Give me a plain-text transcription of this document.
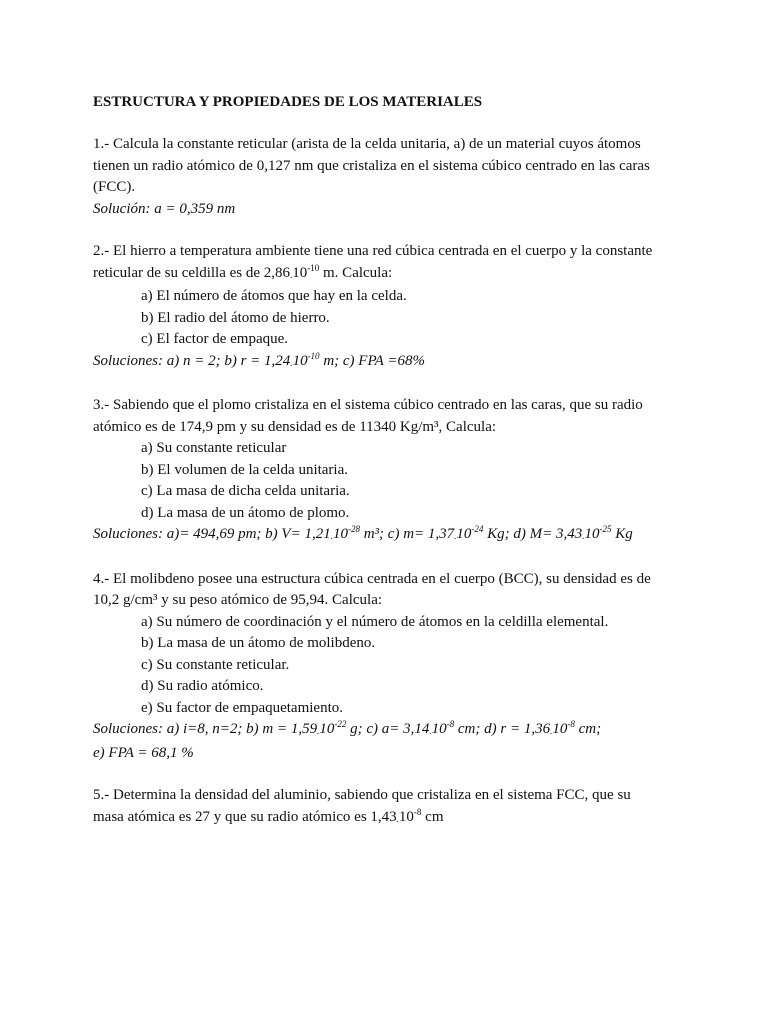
ESTRUCTURA Y PROPIEDADES DE LOS MATERIALES
1.- Calcula la constante reticular (arista de la celda unitaria, a) de un material cuyos átomos
tienen un radio atómico de 0,127 nm que cristaliza en el sistema cúbico centrado en las caras
(FCC).
Solución: a = 0,359 nm
2.- El hierro a temperatura ambiente tiene una red cúbica centrada en el cuerpo y la constante
reticular de su celdilla es de $2,86.10^{-10}$ m. Calcula:
a) El número de átomos que hay en la celda.
b) El radio del átomo de hierro.
c) El factor de empaque.
Soluciones: a) n = 2; b) $r = 1,24.10^{-10}$ m; c) FPA =68%
3.- Sabiendo que el plomo cristaliza en el sistema cúbico centrado en las caras, que su radio
atómico es de 174,9 pm y su densidad es de 11340 Kg/m³, Calcula:
a) Su constante reticular
b) El volumen de la celda unitaria.
c) La masa de dicha celda unitaria.
d) La masa de un átomo de plomo.
Soluciones: a)= 494,69 pm; b) $V= 1,21.10^{-28}$ m³; c) $m= 1,37.10^{-24}$ Kg; d) $M= 3,43.10^{-25}$ Kg
4.- El molibdeno posee una estructura cúbica centrada en el cuerpo (BCC), su densidad es de
10,2 g/cm³ y su peso atómico de 95,94. Calcula:
a) Su número de coordinación y el número de átomos en la celdilla elemental.
b) La masa de un átomo de molibdeno.
c) Su constante reticular.
d) Su radio atómico.
e) Su factor de empaquetamiento.
Soluciones: a) i=8, n=2; b) $m = 1,59.10^{-22}$ g; c) $a= 3,14.10^{-8}$ cm; d) $r = 1,36.10^{-8}$ cm;
e) FPA = 68,1 %
5.- Determina la densidad del aluminio, sabiendo que cristaliza en el sistema FCC, que su
masa atómica es 27 y que su radio atómico es $1,43.10^{-8}$ cm
